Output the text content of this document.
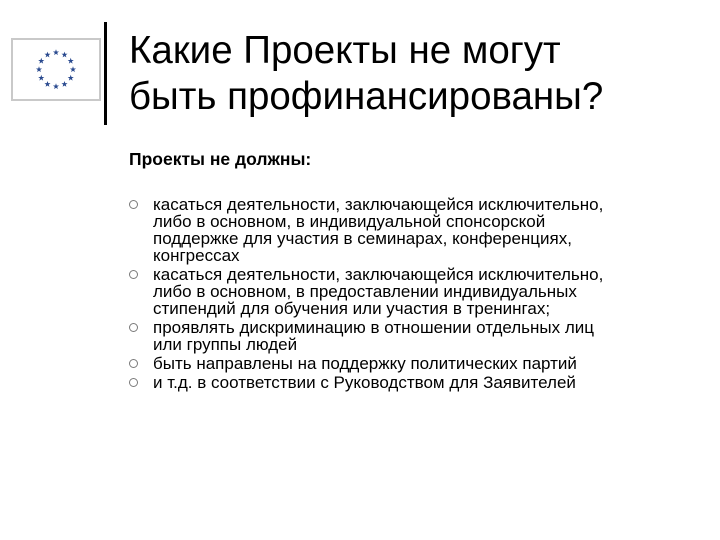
Какие Проекты не могут
быть профинансированы?

Проекты не должны:

касаться деятельности, заключающейся исключительно,
либо в основном, в индивидуальной спонсорской
поддержке для участия в семинарах, конференциях,
конгрессах
касаться деятельности, заключающейся исключительно,
либо в основном, в предоставлении индивидуальных
стипендий для обучения или участия в тренингах;
проявлять дискриминацию в отношении отдельных лиц
или группы людей
быть направлены на поддержку политических партий
и т.д. в соответствии с Руководством для Заявителей
